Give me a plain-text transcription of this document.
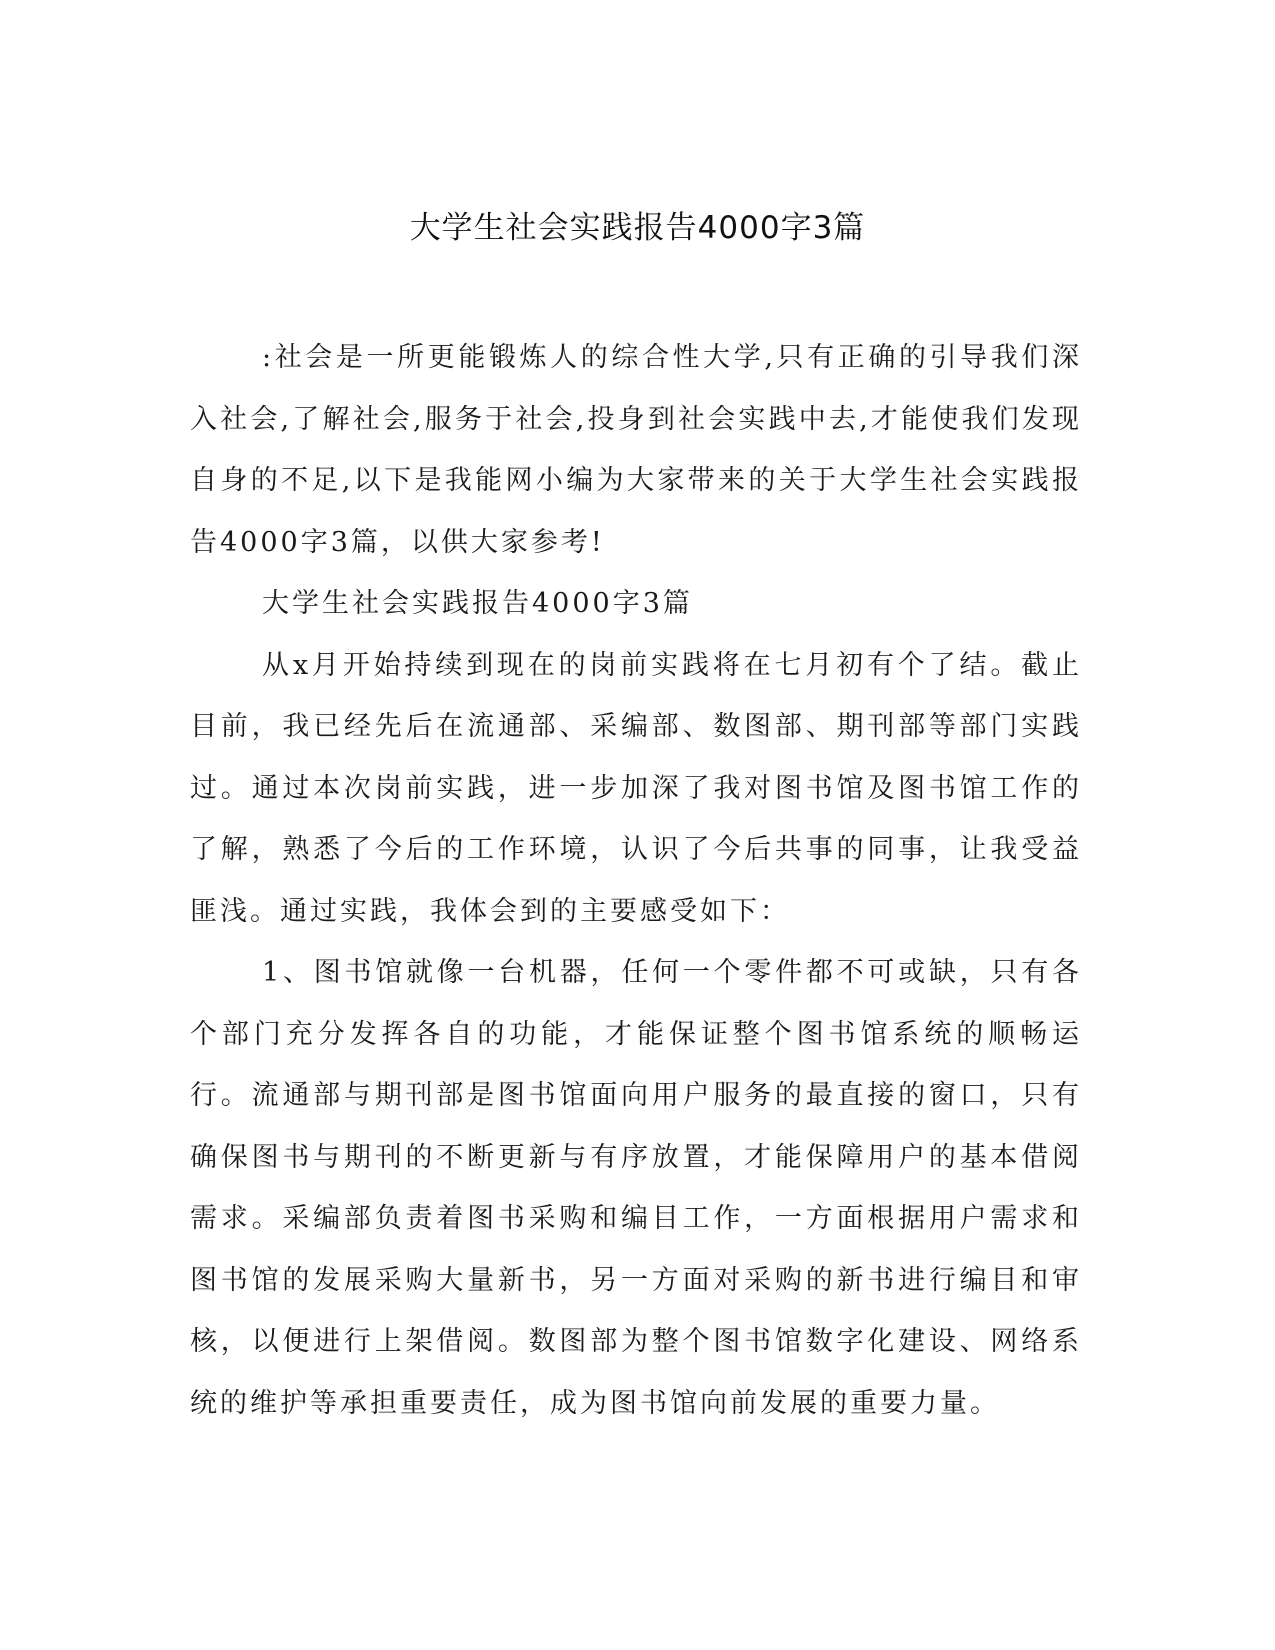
大学生社会实践报告4000字3篇

:社会是一所更能锻炼人的综合性大学,只有正确的引导我们深入社会,了解社会,服务于社会,投身到社会实践中去,才能使我们发现自身的不足,以下是我能网小编为大家带来的关于大学生社会实践报告4000字3篇，以供大家参考!

大学生社会实践报告4000字3篇

从x月开始持续到现在的岗前实践将在七月初有个了结。截止目前，我已经先后在流通部、采编部、数图部、期刊部等部门实践过。通过本次岗前实践，进一步加深了我对图书馆及图书馆工作的了解，熟悉了今后的工作环境，认识了今后共事的同事，让我受益匪浅。通过实践，我体会到的主要感受如下：

1、图书馆就像一台机器，任何一个零件都不可或缺，只有各个部门充分发挥各自的功能，才能保证整个图书馆系统的顺畅运行。流通部与期刊部是图书馆面向用户服务的最直接的窗口，只有确保图书与期刊的不断更新与有序放置，才能保障用户的基本借阅需求。采编部负责着图书采购和编目工作，一方面根据用户需求和图书馆的发展采购大量新书，另一方面对采购的新书进行编目和审核，以便进行上架借阅。数图部为整个图书馆数字化建设、网络系统的维护等承担重要责任，成为图书馆向前发展的重要力量。
